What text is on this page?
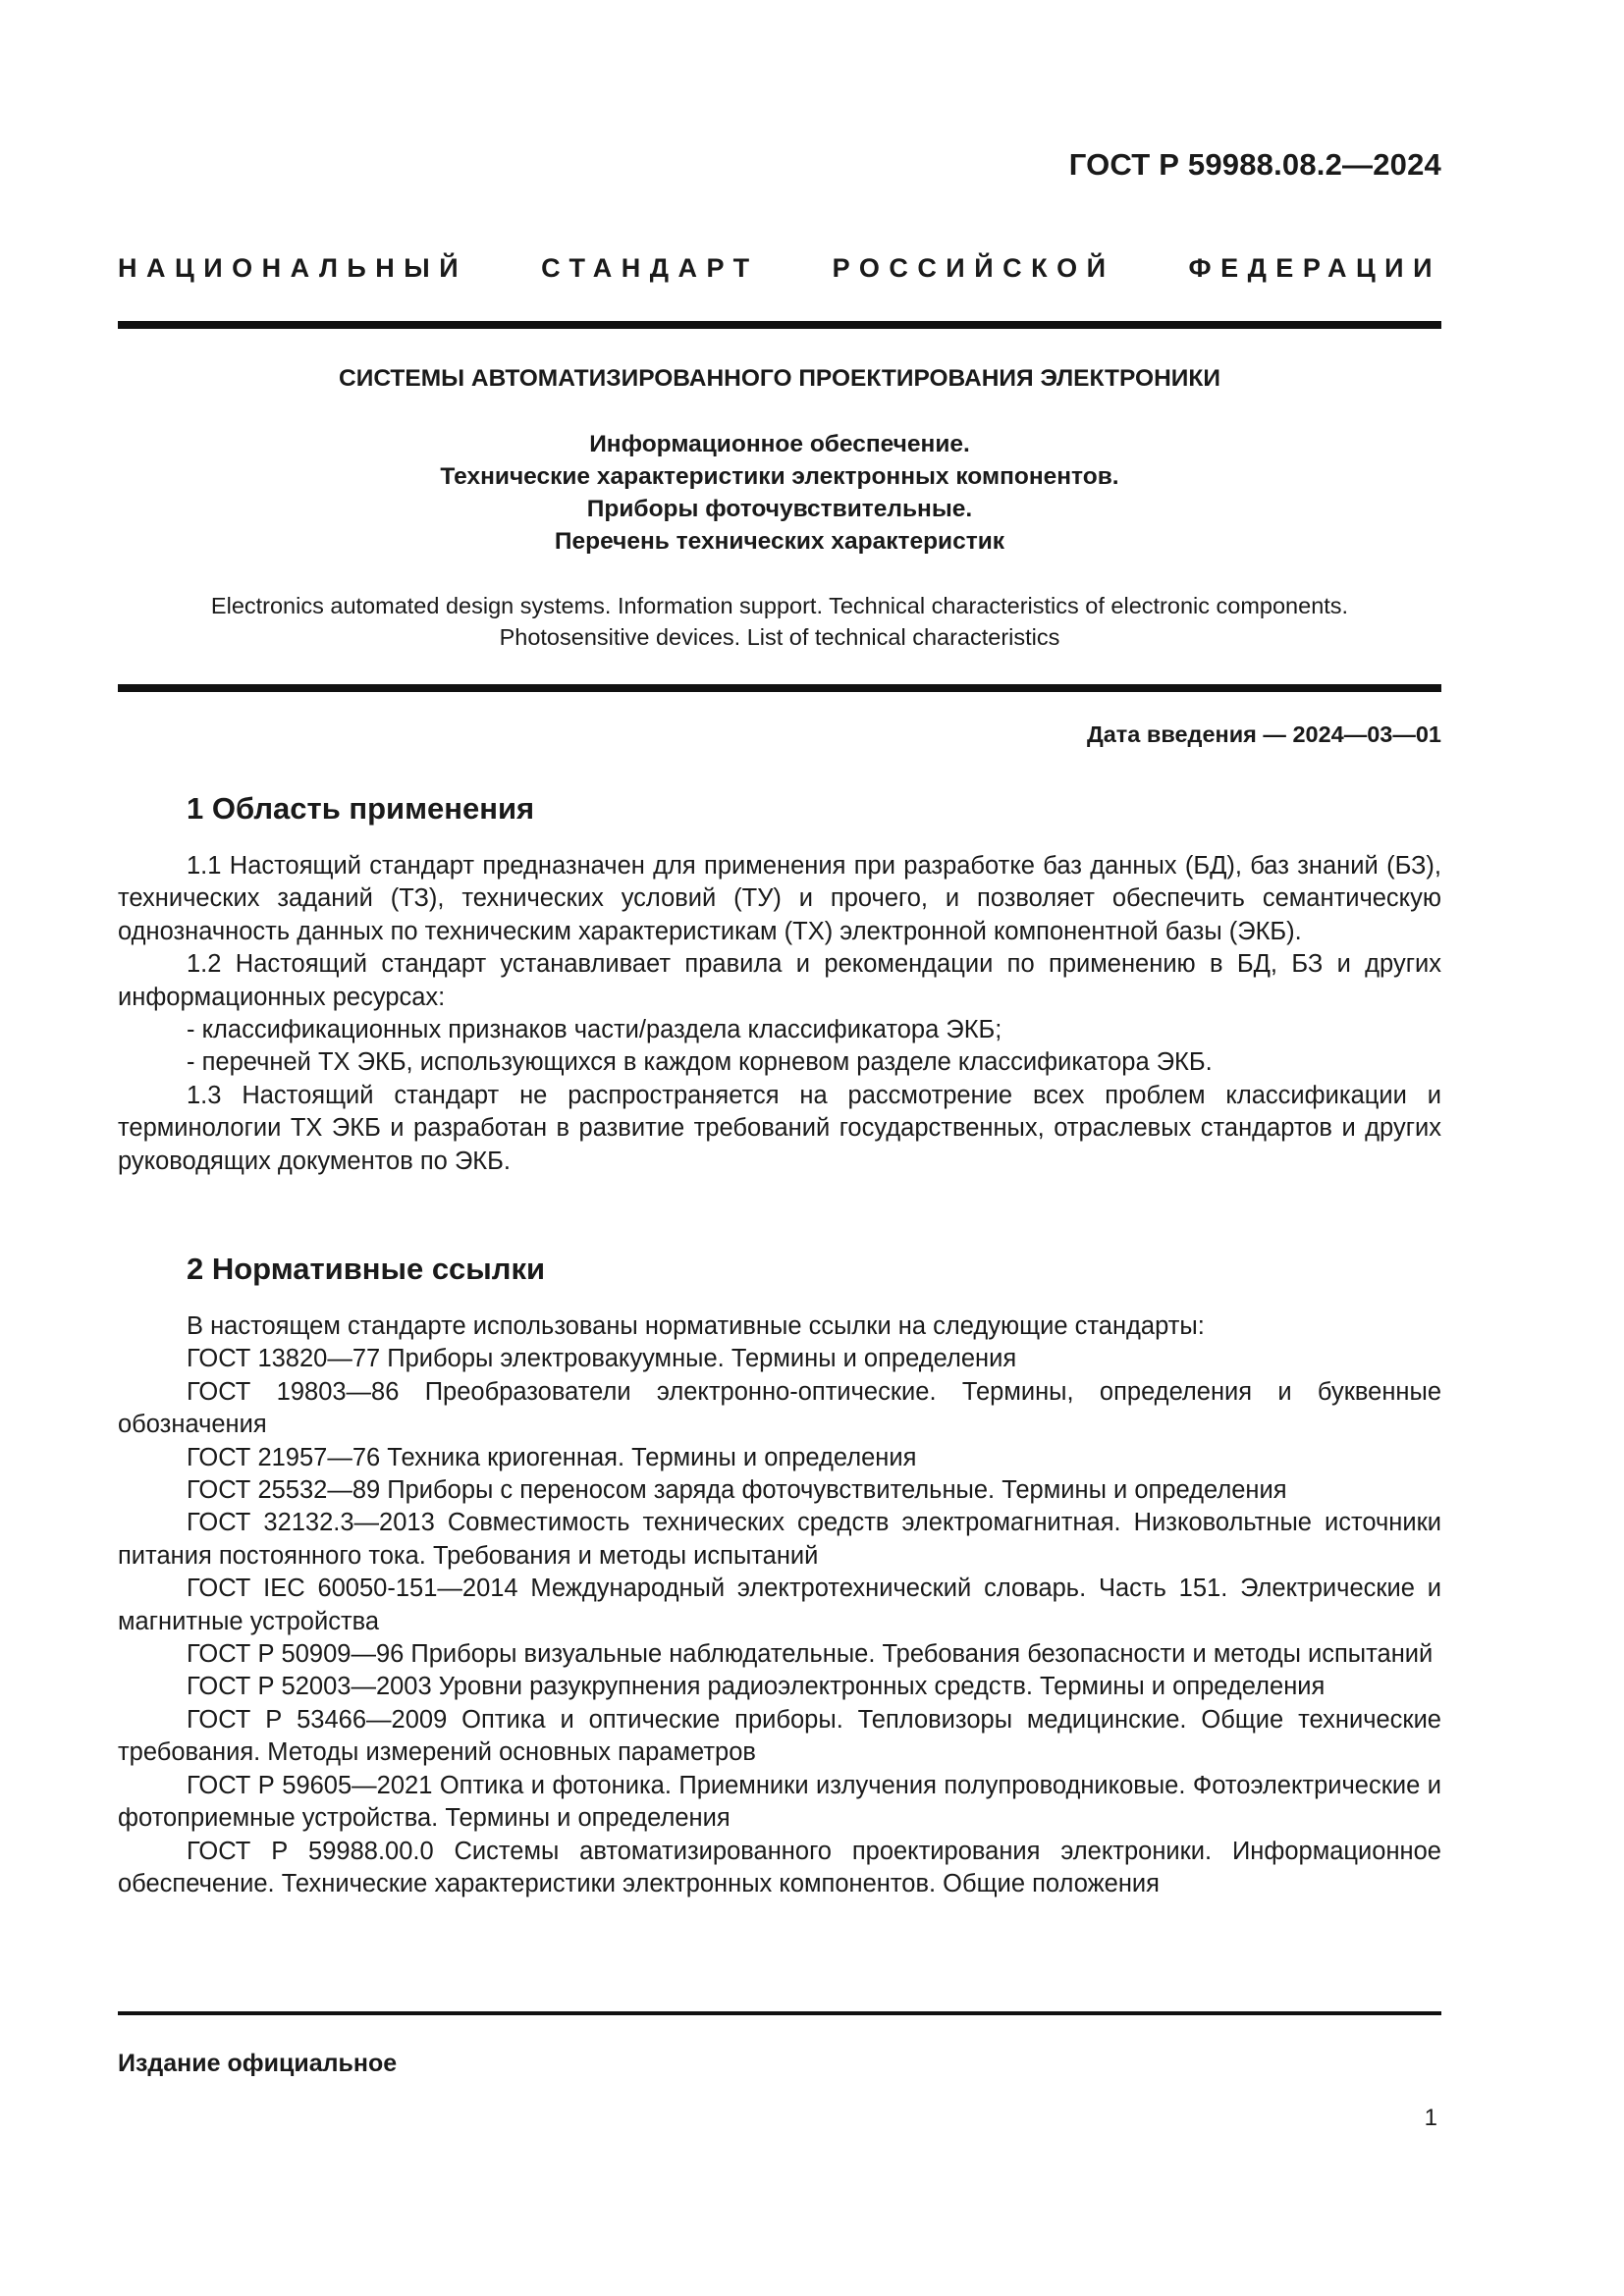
ГОСТ Р 59988.08.2—2024
НАЦИОНАЛЬНЫЙ СТАНДАРТ РОССИЙСКОЙ ФЕДЕРАЦИИ
СИСТЕМЫ АВТОМАТИЗИРОВАННОГО ПРОЕКТИРОВАНИЯ ЭЛЕКТРОНИКИ
Информационное обеспечение.
Технические характеристики электронных компонентов.
Приборы фоточувствительные.
Перечень технических характеристик
Electronics automated design systems. Information support. Technical characteristics of electronic components.
Photosensitive devices. List of technical characteristics
Дата введения — 2024—03—01
1 Область применения

1.1 Настоящий стандарт предназначен для применения при разработке баз данных (БД), баз знаний (БЗ), технических заданий (ТЗ), технических условий (ТУ) и прочего, и позволяет обеспечить семантическую однозначность данных по техническим характеристикам (ТХ) электронной компонентной базы (ЭКБ).

1.2 Настоящий стандарт устанавливает правила и рекомендации по применению в БД, БЗ и других информационных ресурсах:

- классификационных признаков части/раздела классификатора ЭКБ;

- перечней ТХ ЭКБ, использующихся в каждом корневом разделе классификатора ЭКБ.

1.3 Настоящий стандарт не распространяется на рассмотрение всех проблем классификации и терминологии ТХ ЭКБ и разработан в развитие требований государственных, отраслевых стандартов и других руководящих документов по ЭКБ.

2 Нормативные ссылки

В настоящем стандарте использованы нормативные ссылки на следующие стандарты:

ГОСТ 13820—77 Приборы электровакуумные. Термины и определения

ГОСТ 19803—86 Преобразователи электронно-оптические. Термины, определения и буквенные обозначения

ГОСТ 21957—76 Техника криогенная. Термины и определения

ГОСТ 25532—89 Приборы с переносом заряда фоточувствительные. Термины и определения

ГОСТ 32132.3—2013 Совместимость технических средств электромагнитная. Низковольтные источники питания постоянного тока. Требования и методы испытаний

ГОСТ IEC 60050-151—2014 Международный электротехнический словарь. Часть 151. Электрические и магнитные устройства

ГОСТ Р 50909—96 Приборы визуальные наблюдательные. Требования безопасности и методы испытаний

ГОСТ Р 52003—2003 Уровни разукрупнения радиоэлектронных средств. Термины и определения

ГОСТ Р 53466—2009 Оптика и оптические приборы. Тепловизоры медицинские. Общие технические требования. Методы измерений основных параметров

ГОСТ Р 59605—2021 Оптика и фотоника. Приемники излучения полупроводниковые. Фотоэлектрические и фотоприемные устройства. Термины и определения

ГОСТ Р 59988.00.0 Системы автоматизированного проектирования электроники. Информационное обеспечение. Технические характеристики электронных компонентов. Общие положения

Издание официальное
1
